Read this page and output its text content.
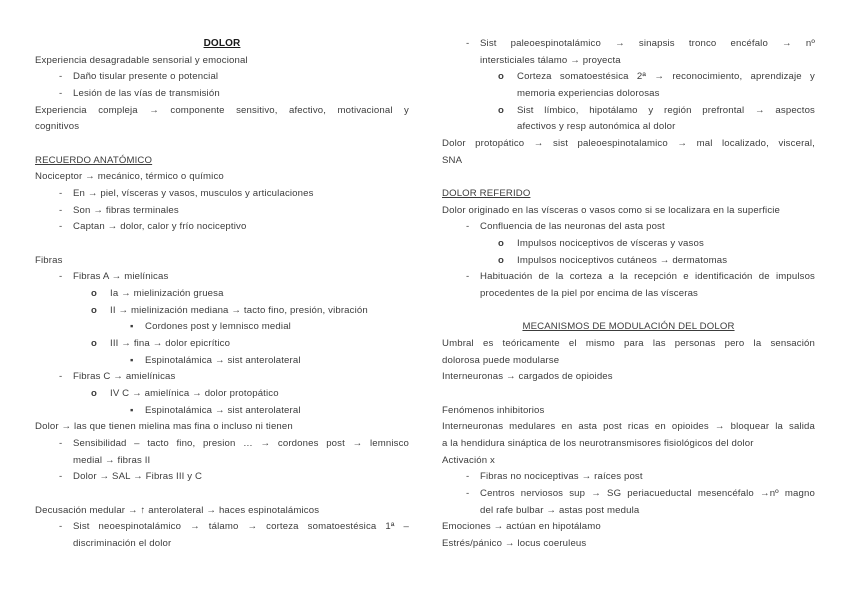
DOLOR
Experiencia desagradable sensorial y emocional
- Daño tisular presente o potencial
- Lesión de las vías de transmisión
Experiencia compleja → componente sensitivo, afectivo, motivacional y
cognitivos
RECUERDO ANATÓMICO
Nociceptor → mecánico, térmico o químico
- En → piel, vísceras y vasos, musculos y articulaciones
- Son → fibras terminales
- Captan → dolor, calor y frío nociceptivo
Fibras
- Fibras A → mielínicas
o Ia → mielinización gruesa
o II → mielinización mediana → tacto fino, presión, vibración
▪ Cordones post y lemnisco medial
o III → fina → dolor epicrítico
▪ Espinotalámica → sist anterolateral
- Fibras C → amielínicas
o IV C → amielínica → dolor protopático
▪ Espinotalámica → sist anterolateral
Dolor → las que tienen mielina mas fina o incluso ni tienen
- Sensibilidad – tacto fino, presion … → cordones post → lemnisco
medial → fibras II
- Dolor → SAL → Fibras III y C
Decusación medular → ↑ anterolateral → haces espinotalámicos
- Sist neoespinotalámico → tálamo → corteza somatoestésica 1ª –
discriminación el dolor
- Sist paleoespinotalámico → sinapsis tronco encéfalo → nº
intersticiales tálamo → proyecta
o Corteza somatoestésica 2ª → reconocimiento, aprendizaje y
memoria experiencias dolorosas
o Sist límbico, hipotálamo y región prefrontal → aspectos
afectivos y resp autonómica al dolor
Dolor protopático → sist paleoespinotalamico → mal localizado, visceral,
SNA
DOLOR REFERIDO
Dolor originado en las vísceras o vasos como si se localizara en la superficie
- Confluencia de las neuronas del asta post
o Impulsos nociceptivos de vísceras y vasos
o Impulsos nociceptivos cutáneos → dermatomas
- Habituación de la corteza a la recepción e identificación de impulsos
procedentes de la piel por encima de las vísceras
MECANISMOS DE MODULACIÓN DEL DOLOR
Umbral es teóricamente el mismo para las personas pero la sensación
dolorosa puede modularse
Interneuronas → cargados de opioides
Fenómenos inhibitorios
Interneuronas medulares en asta post ricas en opioides → bloquear la salida
a la hendidura sináptica de los neurotransmisores fisiológicos del dolor
Activación x
- Fibras no nociceptivas → raíces post
- Centros nerviosos sup → SG periacueductal mesencéfalo →nº magno
del rafe bulbar → astas post medula
Emociones → actúan en hipotálamo
Estrés/pánico → locus coeruleus
